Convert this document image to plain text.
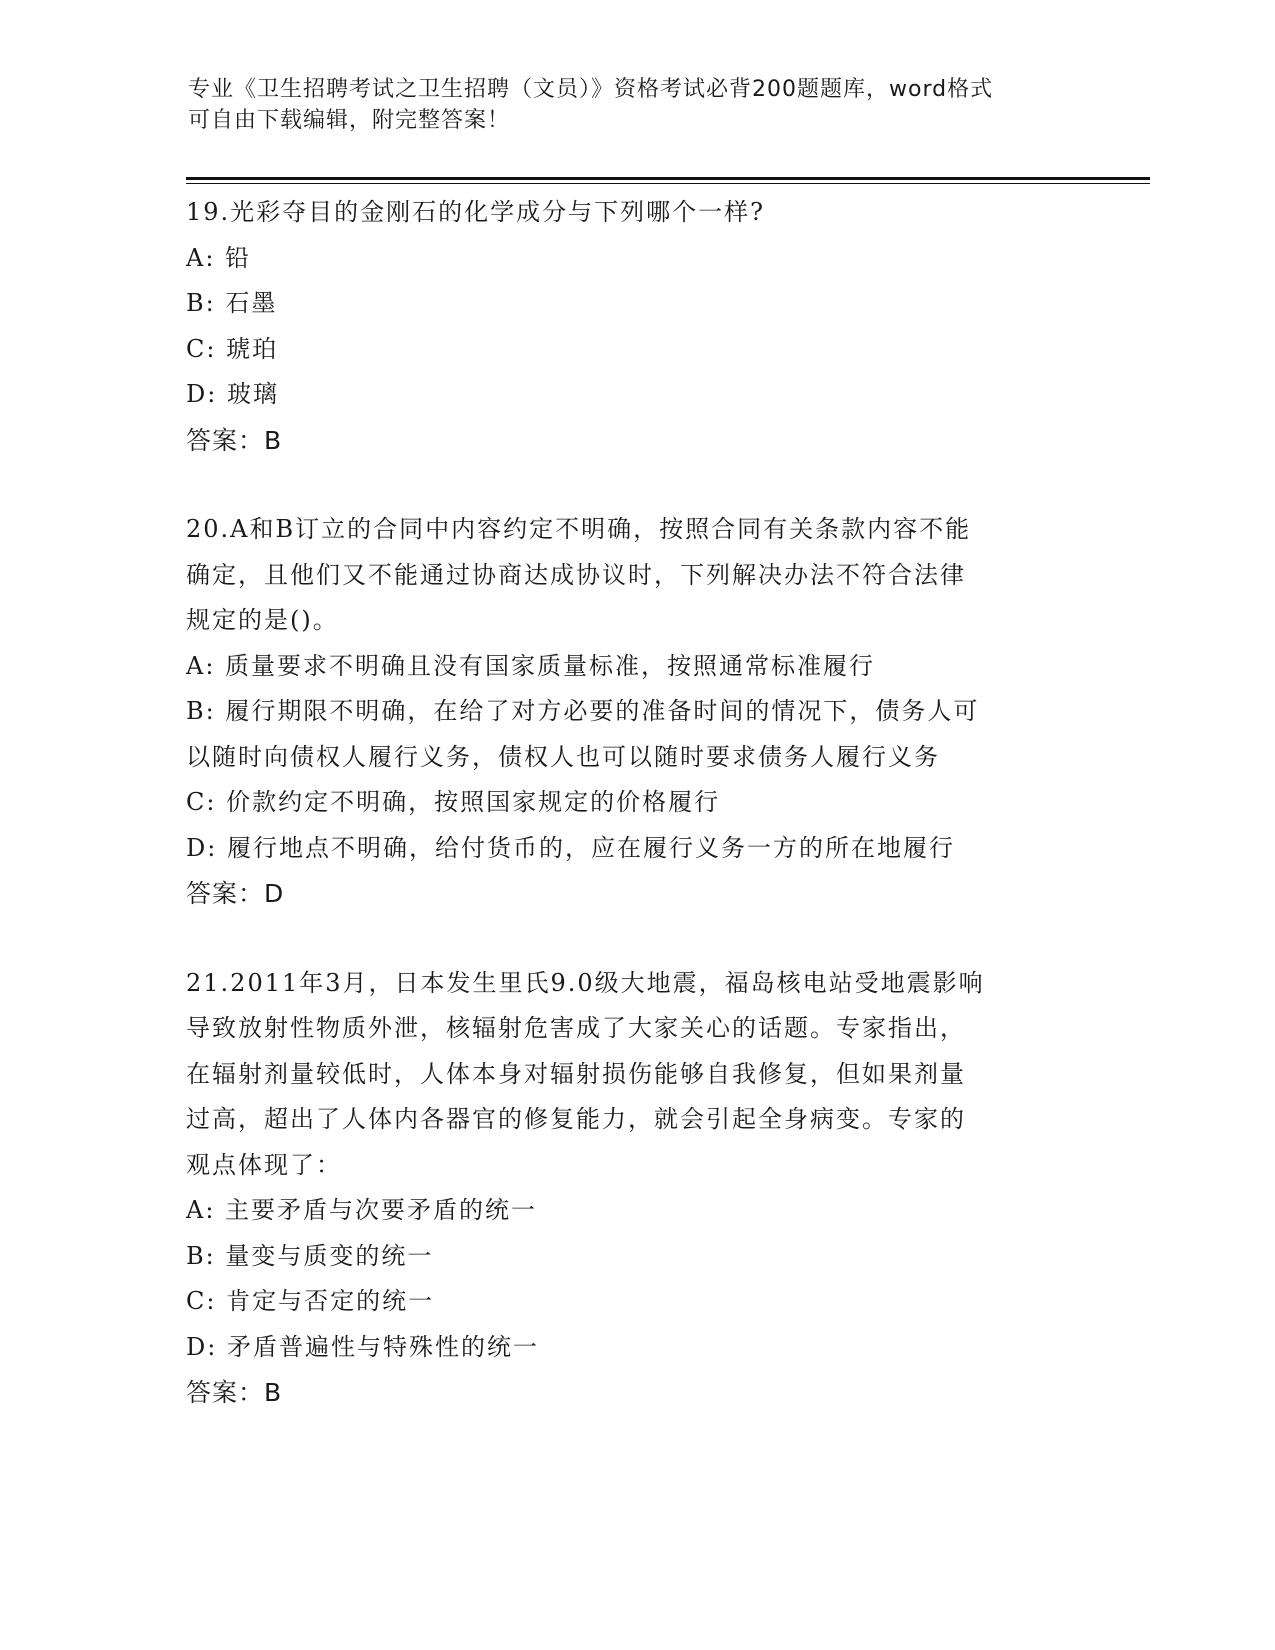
专业《卫生招聘考试之卫生招聘（文员）》资格考试必背200题题库，word格式

可自由下载编辑，附完整答案！

19.光彩夺目的金刚石的化学成分与下列哪个一样?

A: 铅

B: 石墨

C: 琥珀

D: 玻璃

答案：B

20.A和B订立的合同中内容约定不明确，按照合同有关条款内容不能

确定，且他们又不能通过协商达成协议时，下列解决办法不符合法律

规定的是()。

A: 质量要求不明确且没有国家质量标准，按照通常标准履行

B: 履行期限不明确，在给了对方必要的准备时间的情况下，债务人可

以随时向债权人履行义务，债权人也可以随时要求债务人履行义务

C: 价款约定不明确，按照国家规定的价格履行

D: 履行地点不明确，给付货币的，应在履行义务一方的所在地履行

答案：D

21.2011年3月，日本发生里氏9.0级大地震，福岛核电站受地震影响

导致放射性物质外泄，核辐射危害成了大家关心的话题。专家指出，

在辐射剂量较低时，人体本身对辐射损伤能够自我修复，但如果剂量

过高，超出了人体内各器官的修复能力，就会引起全身病变。专家的

观点体现了：

A: 主要矛盾与次要矛盾的统一

B: 量变与质变的统一

C: 肯定与否定的统一

D: 矛盾普遍性与特殊性的统一

答案：B
